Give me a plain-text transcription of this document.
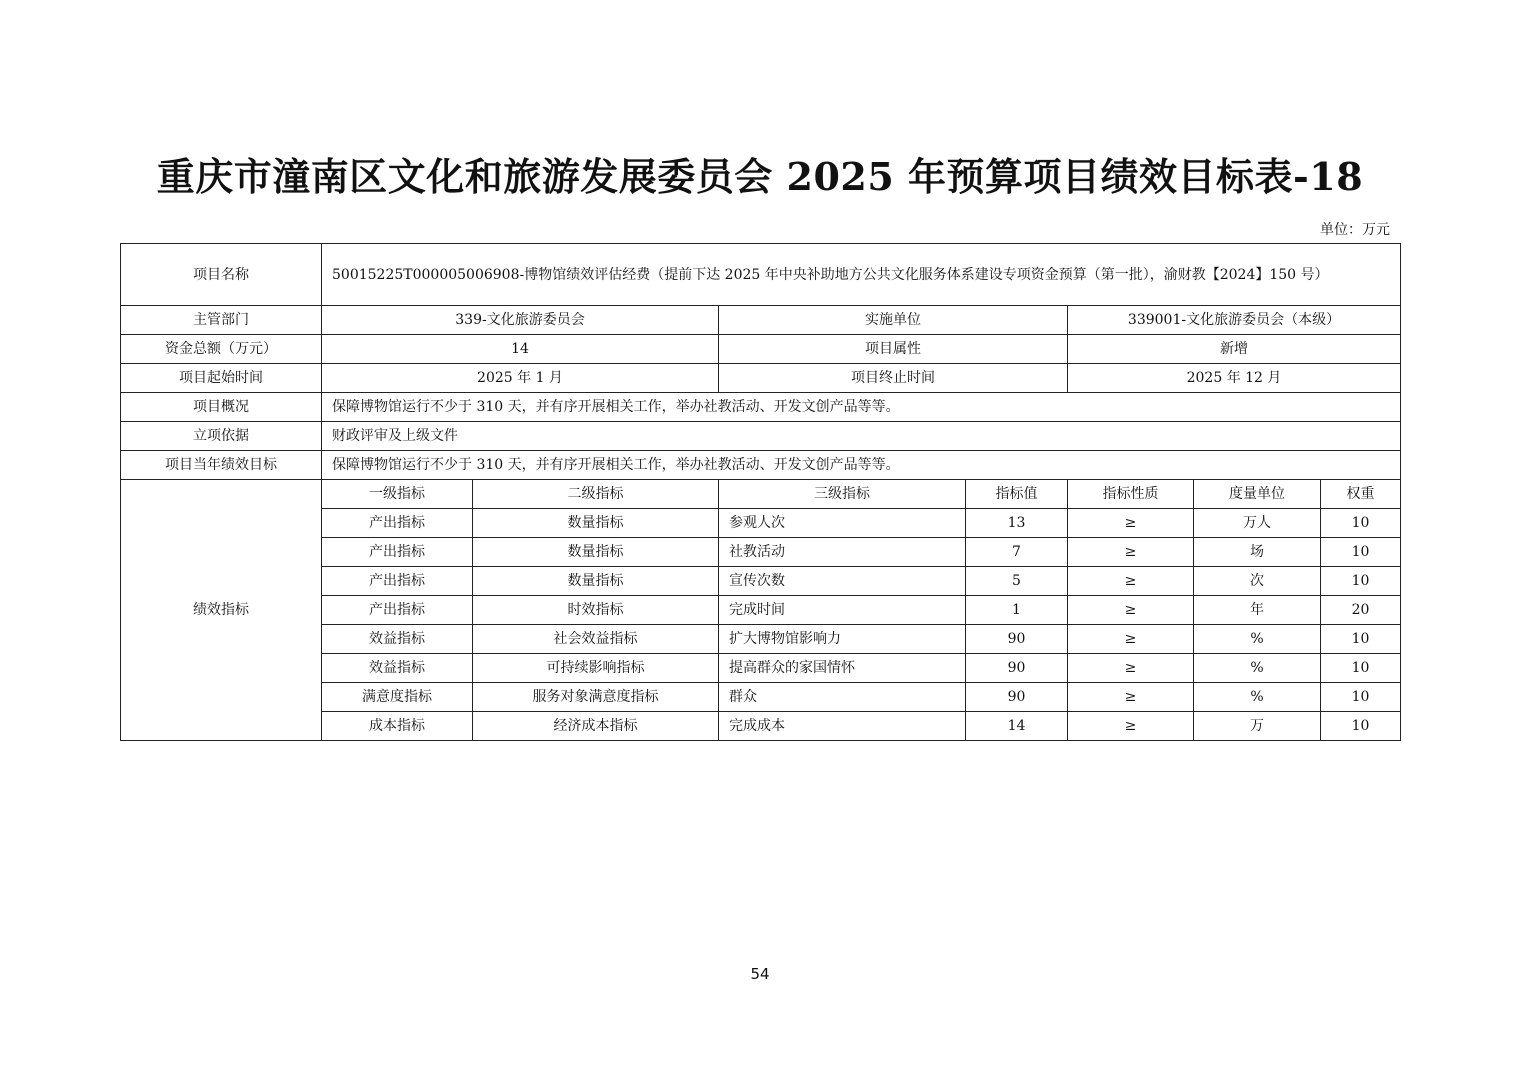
重庆市潼南区文化和旅游发展委员会 2025 年预算项目绩效目标表-18
单位：万元
项目名称	50015225T000005006908-博物馆绩效评估经费（提前下达 2025 年中央补助地方公共文化服务体系建设专项资金预算（第一批），渝财教【2024】150 号）						
主管部门	339-文化旅游委员会		实施单位		339001-文化旅游委员会（本级）		
资金总额（万元）	14		项目属性		新增		
项目起始时间	2025 年 1 月		项目终止时间		2025 年 12 月		
项目概况	保障博物馆运行不少于 310 天，并有序开展相关工作，举办社教活动、开发文创产品等等。						
立项依据	财政评审及上级文件						
项目当年绩效目标	保障博物馆运行不少于 310 天，并有序开展相关工作，举办社教活动、开发文创产品等等。						
绩效指标	一级指标	二级指标	三级指标	指标值	指标性质	度量单位	权重
	产出指标	数量指标	参观人次	13	≥	万人	10
	产出指标	数量指标	社教活动	7	≥	场	10
	产出指标	数量指标	宣传次数	5	≥	次	10
	产出指标	时效指标	完成时间	1	≥	年	20
	效益指标	社会效益指标	扩大博物馆影响力	90	≥	%	10
	效益指标	可持续影响指标	提高群众的家国情怀	90	≥	%	10
	满意度指标	服务对象满意度指标	群众	90	≥	%	10
	成本指标	经济成本指标	完成成本	14	≥	万	10
54
